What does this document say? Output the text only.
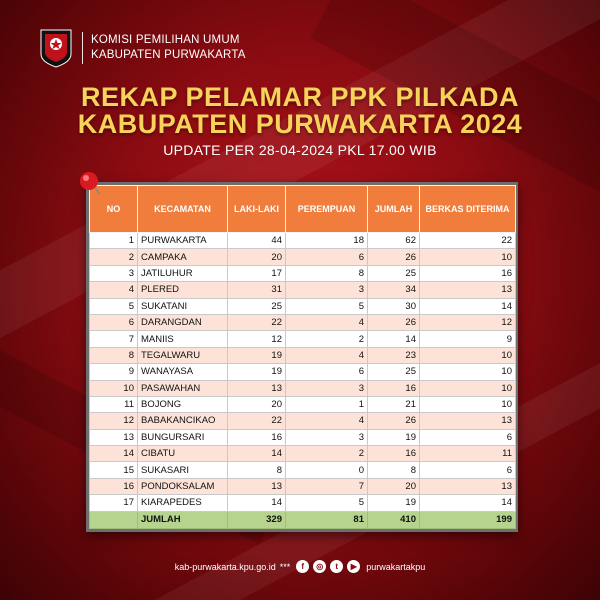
KOMISI PEMILIHAN UMUM
KABUPATEN PURWAKARTA
REKAP PELAMAR PPK PILKADA
KABUPATEN PURWAKARTA 2024
UPDATE PER 28-04-2024 PKL 17.00 WIB
NO	KECAMATAN	LAKI-LAKI	PEREMPUAN	JUMLAH	BERKAS DITERIMA
1	PURWAKARTA	44	18	62	22
2	CAMPAKA	20	6	26	10
3	JATILUHUR	17	8	25	16
4	PLERED	31	3	34	13
5	SUKATANI	25	5	30	14
6	DARANGDAN	22	4	26	12
7	MANIIS	12	2	14	9
8	TEGALWARU	19	4	23	10
9	WANAYASA	19	6	25	10
10	PASAWAHAN	13	3	16	10
11	BOJONG	20	1	21	10
12	BABAKANCIKAO	22	4	26	13
13	BUNGURSARI	16	3	19	6
14	CIBATU	14	2	16	11
15	SUKASARI	8	0	8	6
16	PONDOKSALAM	13	7	20	13
17	KIARAPEDES	14	5	19	14
	JUMLAH	329	81	410	199
kab-purwakarta.kpu.go.id ***	f	◎	t	▶	purwakartakpu
